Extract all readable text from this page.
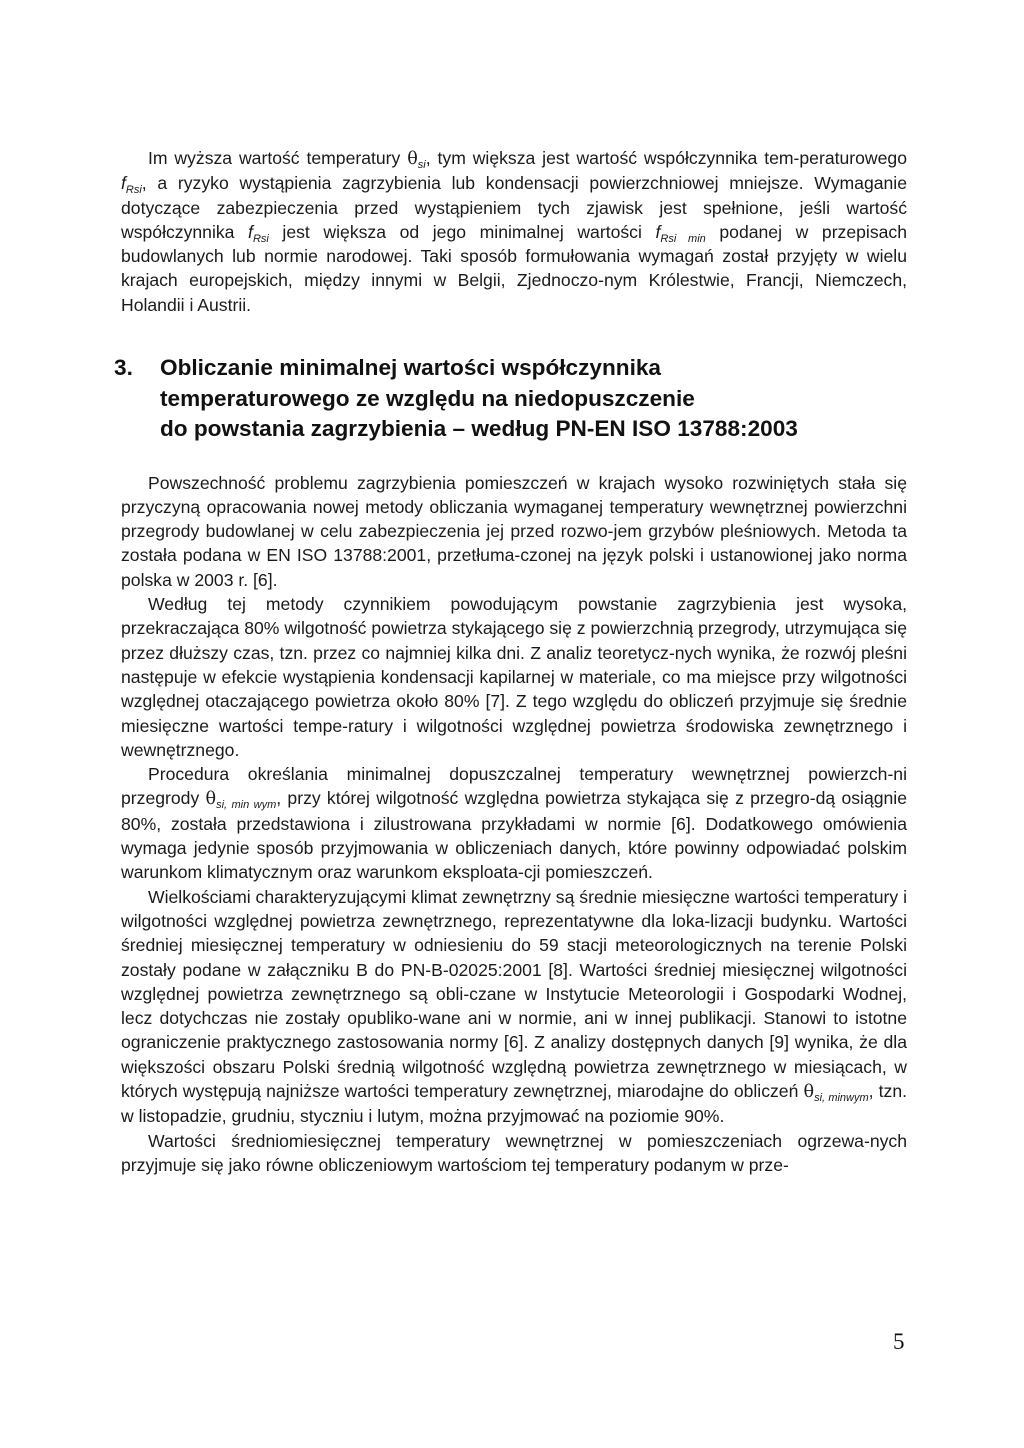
Im wyższa wartość temperatury $\theta_{si}$, tym większa jest wartość współczynnika tem-peraturowego $f_{Rsi}$, a ryzyko wystąpienia zagrzybienia lub kondensacji powierzchniowej mniejsze. Wymaganie dotyczące zabezpieczenia przed wystąpieniem tych zjawisk jest spełnione, jeśli wartość współczynnika $f_{Rsi}$ jest większa od jego minimalnej wartości $f_{Rsi min}$ podanej w przepisach budowlanych lub normie narodowej. Taki sposób formułowania wymagań został przyjęty w wielu krajach europejskich, między innymi w Belgii, Zjednoczo-nym Królestwie, Francji, Niemczech, Holandii i Austrii.

3. Obliczanie minimalnej wartości współczynnika
temperaturowego ze względu na niedopuszczenie
do powstania zagrzybienia – według PN-EN ISO 13788:2003

Powszechność problemu zagrzybienia pomieszczeń w krajach wysoko rozwiniętych stała się przyczyną opracowania nowej metody obliczania wymaganej temperatury wewnętrznej powierzchni przegrody budowlanej w celu zabezpieczenia jej przed rozwo-jem grzybów pleśniowych. Metoda ta została podana w EN ISO 13788:2001, przetłuma-czonej na język polski i ustanowionej jako norma polska w 2003 r. [6].

Według tej metody czynnikiem powodującym powstanie zagrzybienia jest wysoka, przekraczająca 80% wilgotność powietrza stykającego się z powierzchnią przegrody, utrzymująca się przez dłuższy czas, tzn. przez co najmniej kilka dni. Z analiz teoretycz-nych wynika, że rozwój pleśni następuje w efekcie wystąpienia kondensacji kapilarnej w materiale, co ma miejsce przy wilgotności względnej otaczającego powietrza około 80% [7]. Z tego względu do obliczeń przyjmuje się średnie miesięczne wartości tempe-ratury i wilgotności względnej powietrza środowiska zewnętrznego i wewnętrznego.

Procedura określania minimalnej dopuszczalnej temperatury wewnętrznej powierzch-ni przegrody $\theta_{si, min wym}$, przy której wilgotność względna powietrza stykająca się z przegro-dą osiągnie 80%, została przedstawiona i zilustrowana przykładami w normie [6]. Dodatkowego omówienia wymaga jedynie sposób przyjmowania w obliczeniach danych, które powinny odpowiadać polskim warunkom klimatycznym oraz warunkom eksploata-cji pomieszczeń.

Wielkościami charakteryzującymi klimat zewnętrzny są średnie miesięczne wartości temperatury i wilgotności względnej powietrza zewnętrznego, reprezentatywne dla loka-lizacji budynku. Wartości średniej miesięcznej temperatury w odniesieniu do 59 stacji meteorologicznych na terenie Polski zostały podane w załączniku B do PN-B-02025:2001 [8]. Wartości średniej miesięcznej wilgotności względnej powietrza zewnętrznego są obli-czane w Instytucie Meteorologii i Gospodarki Wodnej, lecz dotychczas nie zostały opubliko-wane ani w normie, ani w innej publikacji. Stanowi to istotne ograniczenie praktycznego zastosowania normy [6]. Z analizy dostępnych danych [9] wynika, że dla większości obszaru Polski średnią wilgotność względną powietrza zewnętrznego w miesiącach, w których występują najniższe wartości temperatury zewnętrznej, miarodajne do obliczeń $\theta_{si, minwym}$, tzn. w listopadzie, grudniu, styczniu i lutym, można przyjmować na poziomie 90%.

Wartości średniomiesięcznej temperatury wewnętrznej w pomieszczeniach ogrzewa-nych przyjmuje się jako równe obliczeniowym wartościom tej temperatury podanym w prze-

5
